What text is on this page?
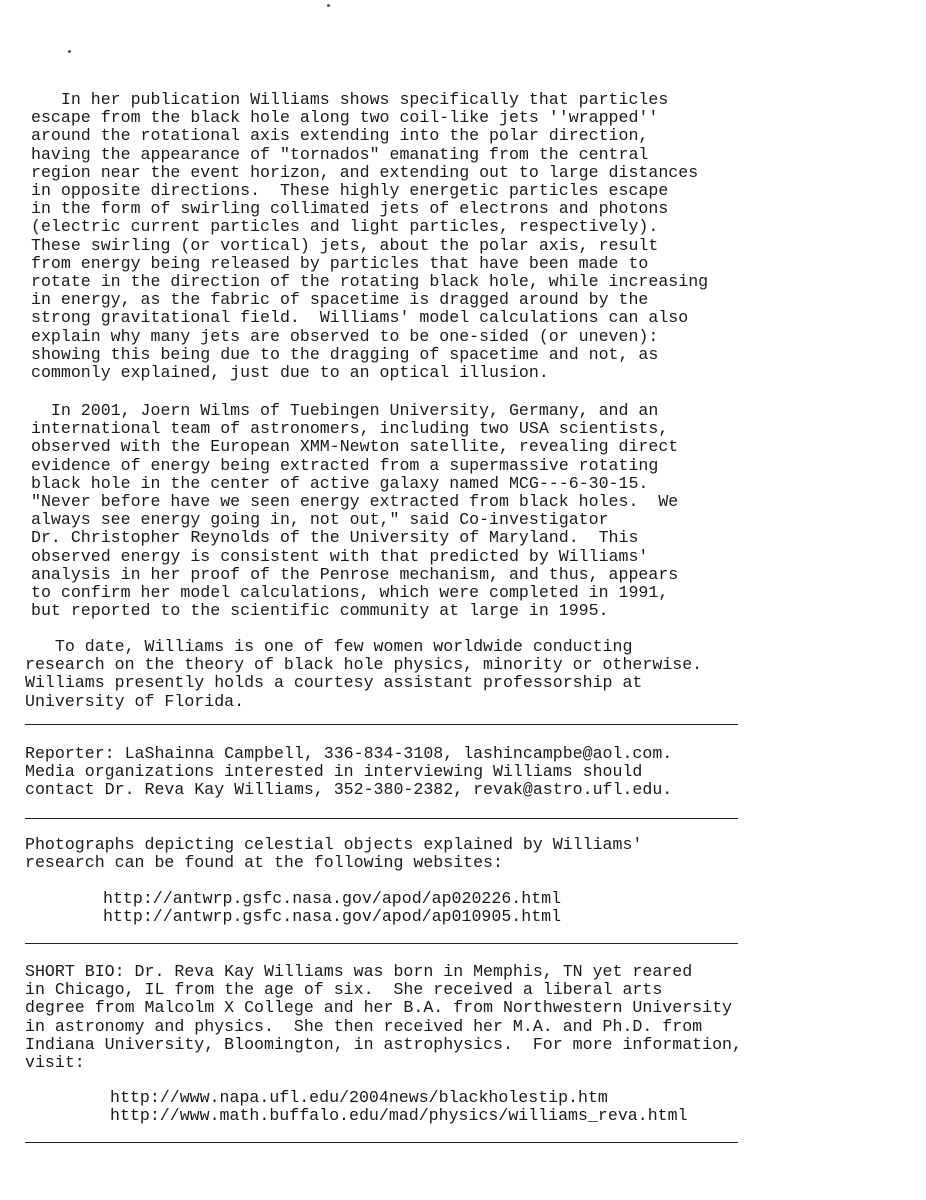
In her publication Williams shows specifically that particles
escape from the black hole along two coil-like jets ''wrapped''
around the rotational axis extending into the polar direction,
having the appearance of "tornados" emanating from the central
region near the event horizon, and extending out to large distances
in opposite directions.  These highly energetic particles escape
in the form of swirling collimated jets of electrons and photons
(electric current particles and light particles, respectively).
These swirling (or vortical) jets, about the polar axis, result
from energy being released by particles that have been made to
rotate in the direction of the rotating black hole, while increasing
in energy, as the fabric of spacetime is dragged around by the
strong gravitational field.  Williams' model calculations can also
explain why many jets are observed to be one-sided (or uneven):
showing this being due to the dragging of spacetime and not, as
commonly explained, just due to an optical illusion.
In 2001, Joern Wilms of Tuebingen University, Germany, and an
international team of astronomers, including two USA scientists,
observed with the European XMM-Newton satellite, revealing direct
evidence of energy being extracted from a supermassive rotating
black hole in the center of active galaxy named MCG---6-30-15.
"Never before have we seen energy extracted from black holes.  We
always see energy going in, not out," said Co-investigator
Dr. Christopher Reynolds of the University of Maryland.  This
observed energy is consistent with that predicted by Williams'
analysis in her proof of the Penrose mechanism, and thus, appears
to confirm her model calculations, which were completed in 1991,
but reported to the scientific community at large in 1995.
To date, Williams is one of few women worldwide conducting
research on the theory of black hole physics, minority or otherwise.
Williams presently holds a courtesy assistant professorship at
University of Florida.
Reporter: LaShainna Campbell, 336-834-3108, lashincampbe@aol.com.
Media organizations interested in interviewing Williams should
contact Dr. Reva Kay Williams, 352-380-2382, revak@astro.ufl.edu.
Photographs depicting celestial objects explained by Williams'
research can be found at the following websites:
http://antwrp.gsfc.nasa.gov/apod/ap020226.html
http://antwrp.gsfc.nasa.gov/apod/ap010905.html
SHORT BIO: Dr. Reva Kay Williams was born in Memphis, TN yet reared
in Chicago, IL from the age of six.  She received a liberal arts
degree from Malcolm X College and her B.A. from Northwestern University
in astronomy and physics.  She then received her M.A. and Ph.D. from
Indiana University, Bloomington, in astrophysics.  For more information,
visit:
http://www.napa.ufl.edu/2004news/blackholestip.htm
http://www.math.buffalo.edu/mad/physics/williams_reva.html
